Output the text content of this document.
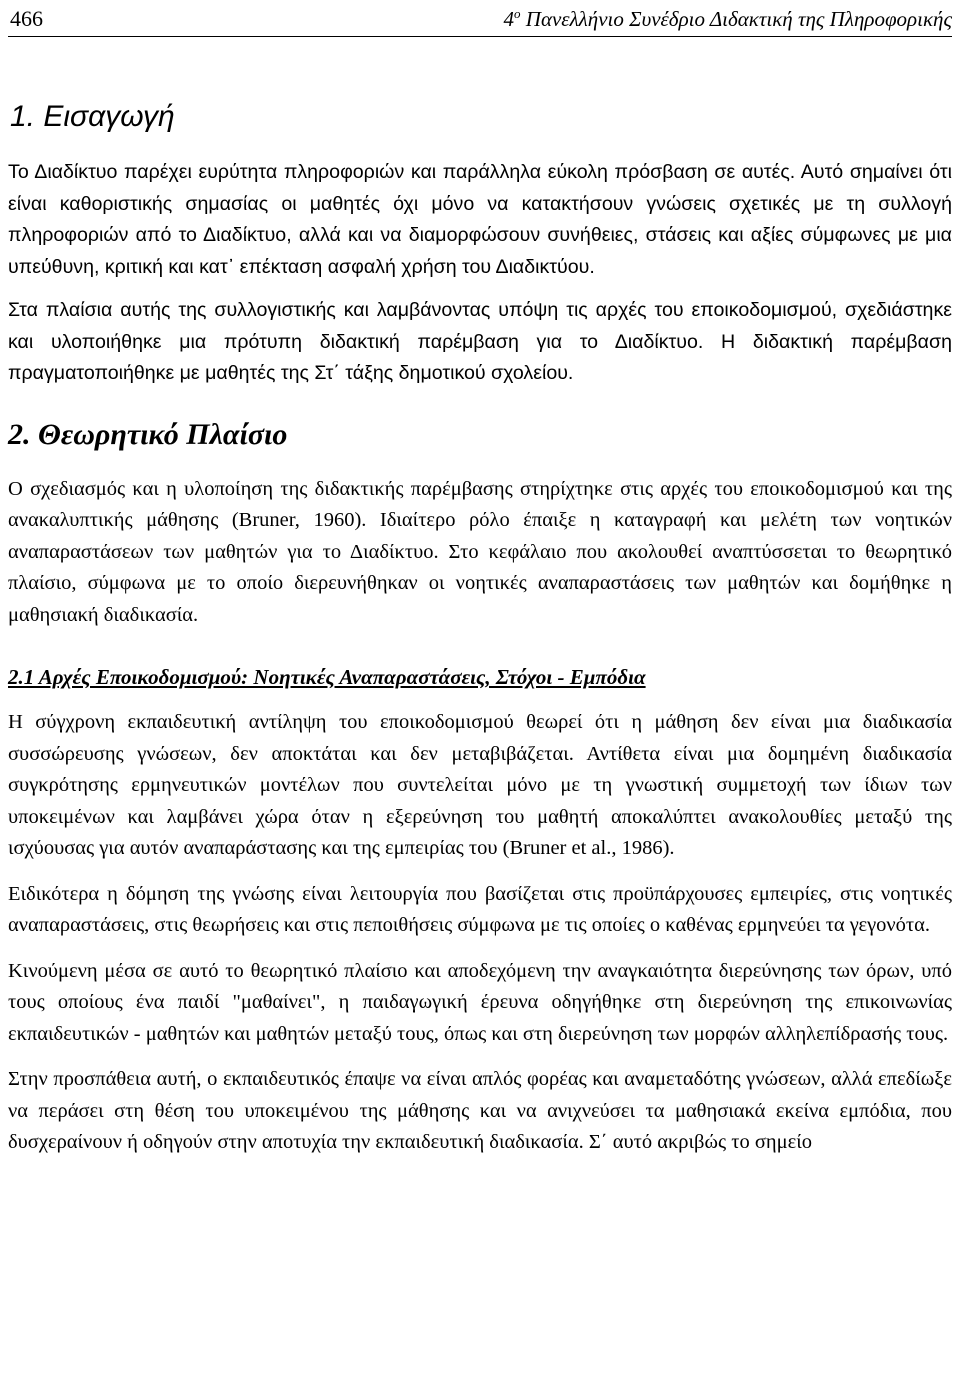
466	$4^o$ Πανελλήνιο Συνέδριο Διδακτική της Πληροφορικής
1. Εισαγωγή

Το Διαδίκτυο παρέχει ευρύτητα πληροφοριών και παράλληλα εύκολη πρόσβαση σε αυτές. Αυτό σημαίνει ότι είναι καθοριστικής σημασίας οι μαθητές όχι μόνο να κατακτήσουν γνώσεις σχετικές με τη συλλογή πληροφοριών από το Διαδίκτυο, αλλά και να διαμορφώσουν συνήθειες, στάσεις και αξίες σύμφωνες με μια υπεύθυνη, κριτική και κατ᾽ επέκταση ασφαλή χρήση του Διαδικτύου.

Στα πλαίσια αυτής της συλλογιστικής και λαμβάνοντας υπόψη τις αρχές του εποικοδομισμού, σχεδιάστηκε και υλοποιήθηκε μια πρότυπη διδακτική παρέμβαση για το Διαδίκτυο. Η διδακτική παρέμβαση πραγματοποιήθηκε με μαθητές της Στ΄ τάξης δημοτικού σχολείου.

2. Θεωρητικό Πλαίσιο

Ο σχεδιασμός και η υλοποίηση της διδακτικής παρέμβασης στηρίχτηκε στις αρχές του εποικοδομισμού και της ανακαλυπτικής μάθησης (Bruner, 1960). Ιδιαίτερο ρόλο έπαιξε η καταγραφή και μελέτη των νοητικών αναπαραστάσεων των μαθητών για το Διαδίκτυο. Στο κεφάλαιο που ακολουθεί αναπτύσσεται το θεωρητικό πλαίσιο, σύμφωνα με το οποίο διερευνήθηκαν οι νοητικές αναπαραστάσεις των μαθητών και δομήθηκε η μαθησιακή διαδικασία.

2.1 Αρχές Εποικοδομισμού: Νοητικές Αναπαραστάσεις, Στόχοι - Εμπόδια

Η σύγχρονη εκπαιδευτική αντίληψη του εποικοδομισμού θεωρεί ότι η μάθηση δεν είναι μια διαδικασία συσσώρευσης γνώσεων, δεν αποκτάται και δεν μεταβιβάζεται. Αντίθετα είναι μια δομημένη διαδικασία συγκρότησης ερμηνευτικών μοντέλων που συντελείται μόνο με τη γνωστική συμμετοχή των ίδιων των υποκειμένων και λαμβάνει χώρα όταν η εξερεύνηση του μαθητή αποκαλύπτει ανακολουθίες μεταξύ της ισχύουσας για αυτόν αναπαράστασης και της εμπειρίας του (Bruner et al., 1986).

Ειδικότερα η δόμηση της γνώσης είναι λειτουργία που βασίζεται στις προϋπάρχουσες εμπειρίες, στις νοητικές αναπαραστάσεις, στις θεωρήσεις και στις πεποιθήσεις σύμφωνα με τις οποίες ο καθένας ερμηνεύει τα γεγονότα.

Κινούμενη μέσα σε αυτό το θεωρητικό πλαίσιο και αποδεχόμενη την αναγκαιότητα διερεύνησης των όρων, υπό τους οποίους ένα παιδί "μαθαίνει", η παιδαγωγική έρευνα οδηγήθηκε στη διερεύνηση της επικοινωνίας εκπαιδευτικών - μαθητών και μαθητών μεταξύ τους, όπως και στη διερεύνηση των μορφών αλληλεπίδρασής τους.

Στην προσπάθεια αυτή, ο εκπαιδευτικός έπαψε να είναι απλός φορέας και αναμεταδότης γνώσεων, αλλά επεδίωξε να περάσει στη θέση του υποκειμένου της μάθησης και να ανιχνεύσει τα μαθησιακά εκείνα εμπόδια, που δυσχεραίνουν ή οδηγούν στην αποτυχία την εκπαιδευτική διαδικασία. Σ΄ αυτό ακριβώς το σημείο
